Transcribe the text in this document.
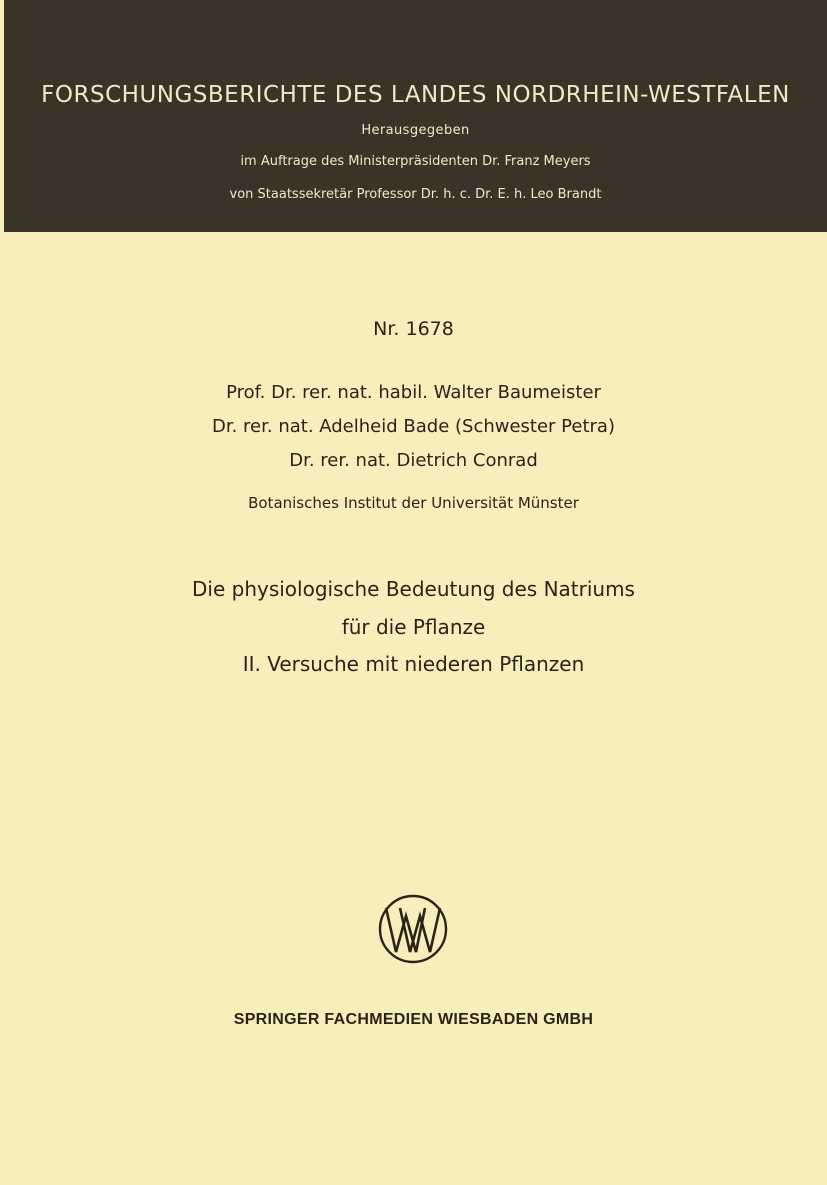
FORSCHUNGSBERICHTE DES LANDES NORDRHEIN-WESTFALEN
Herausgegeben
im Auftrage des Ministerpräsidenten Dr. Franz Meyers
von Staatssekretär Professor Dr. h. c. Dr. E. h. Leo Brandt
Nr. 1678
Prof. Dr. rer. nat. habil. Walter Baumeister
Dr. rer. nat. Adelheid Bade (Schwester Petra)
Dr. rer. nat. Dietrich Conrad
Botanisches Institut der Universität Münster
Die physiologische Bedeutung des Natriums
für die Pflanze
II. Versuche mit niederen Pflanzen
SPRINGER FACHMEDIEN WIESBADEN GMBH
